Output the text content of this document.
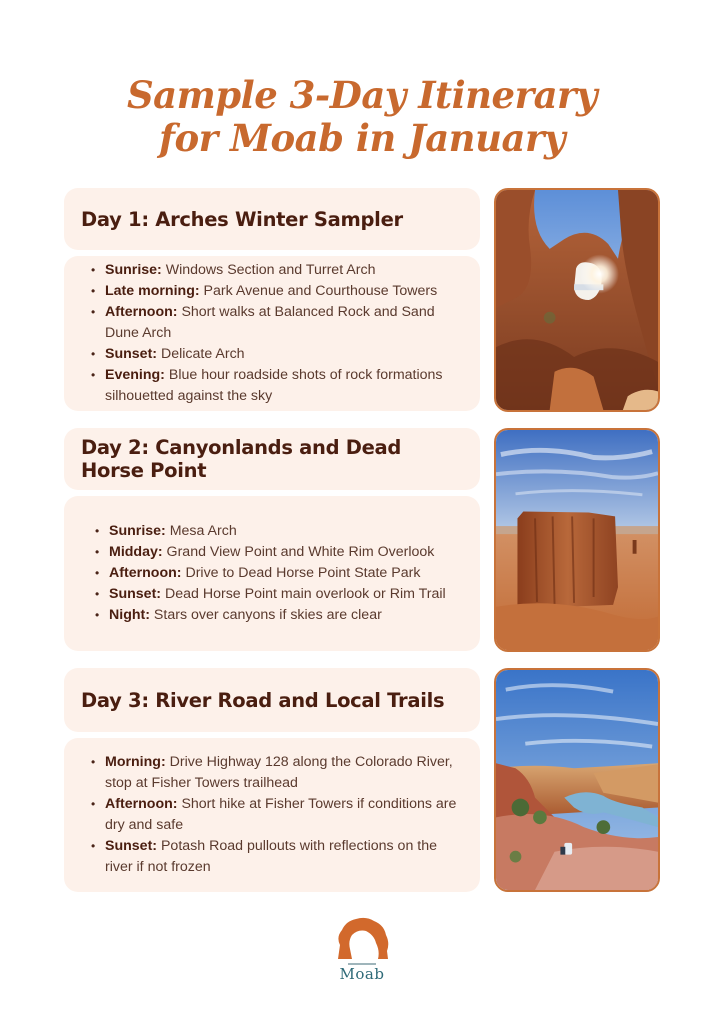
Sample 3-Day Itinerary
for Moab in January
Day 1: Arches Winter Sampler
• Sunrise: Windows Section and Turret Arch
• Late morning: Park Avenue and Courthouse Towers
• Afternoon: Short walks at Balanced Rock and Sand Dune Arch
• Sunset: Delicate Arch
• Evening: Blue hour roadside shots of rock formations silhouetted against the sky
Day 2: Canyonlands and Dead Horse Point
• Sunrise: Mesa Arch
• Midday: Grand View Point and White Rim Overlook
• Afternoon: Drive to Dead Horse Point State Park
• Sunset: Dead Horse Point main overlook or Rim Trail
• Night: Stars over canyons if skies are clear
Day 3: River Road and Local Trails
• Morning: Drive Highway 128 along the Colorado River, stop at Fisher Towers trailhead
• Afternoon: Short hike at Fisher Towers if conditions are dry and safe
• Sunset: Potash Road pullouts with reflections on the river if not frozen
Moab
